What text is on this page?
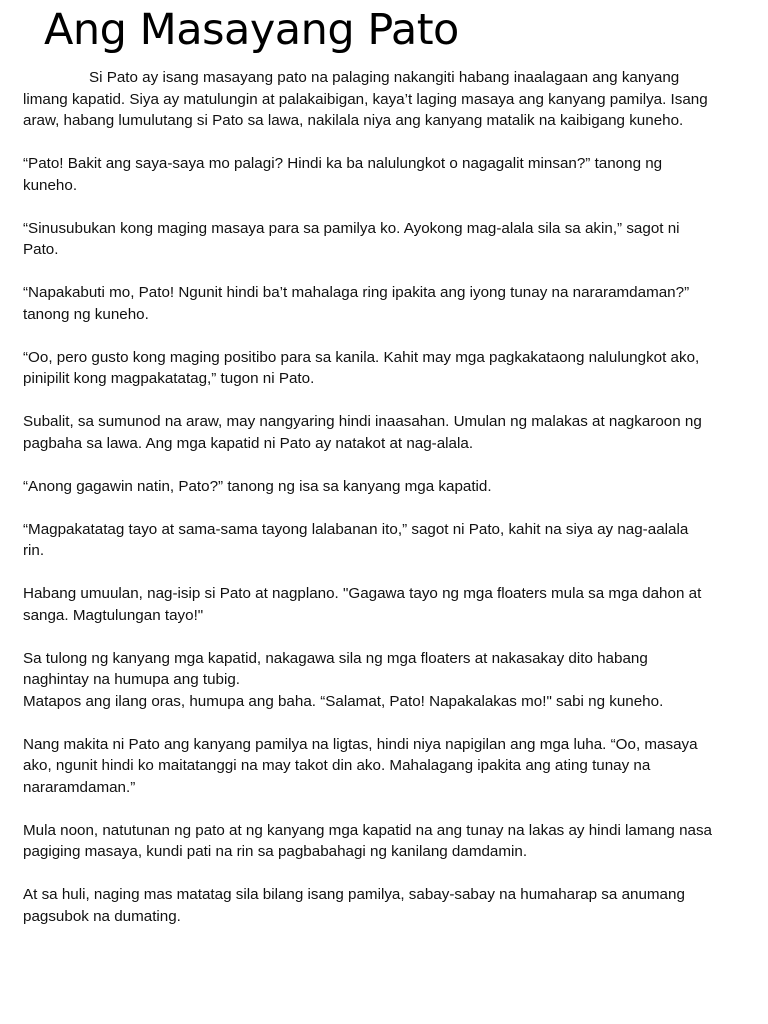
Ang Masayang Pato

Si Pato ay isang masayang pato na palaging nakangiti habang inaalagaan ang kanyang limang kapatid. Siya ay matulungin at palakaibigan, kaya’t laging masaya ang kanyang pamilya. Isang araw, habang lumulutang si Pato sa lawa, nakilala niya ang kanyang matalik na kaibigang kuneho.

“Pato! Bakit ang saya-saya mo palagi? Hindi ka ba nalulungkot o nagagalit minsan?” tanong ng kuneho.

“Sinusubukan kong maging masaya para sa pamilya ko. Ayokong mag-alala sila sa akin,” sagot ni Pato.

“Napakabuti mo, Pato! Ngunit hindi ba’t mahalaga ring ipakita ang iyong tunay na nararamdaman?” tanong ng kuneho.

“Oo, pero gusto kong maging positibo para sa kanila. Kahit may mga pagkakataong nalulungkot ako, pinipilit kong magpakatatag,” tugon ni Pato.

Subalit, sa sumunod na araw, may nangyaring hindi inaasahan. Umulan ng malakas at nagkaroon ng pagbaha sa lawa. Ang mga kapatid ni Pato ay natakot at nag-alala.

“Anong gagawin natin, Pato?” tanong ng isa sa kanyang mga kapatid.

“Magpakatatag tayo at sama-sama tayong lalabanan ito,” sagot ni Pato, kahit na siya ay nag-aalala rin.

Habang umuulan, nag-isip si Pato at nagplano. "Gagawa tayo ng mga floaters mula sa mga dahon at sanga. Magtulungan tayo!"

Sa tulong ng kanyang mga kapatid, nakagawa sila ng mga floaters at nakasakay dito habang naghintay na humupa ang tubig.

Matapos ang ilang oras, humupa ang baha. “Salamat, Pato! Napakalakas mo!" sabi ng kuneho.

Nang makita ni Pato ang kanyang pamilya na ligtas, hindi niya napigilan ang mga luha. “Oo, masaya ako, ngunit hindi ko maitatanggi na may takot din ako. Mahalagang ipakita ang ating tunay na nararamdaman.”

Mula noon, natutunan ng pato at ng kanyang mga kapatid na ang tunay na lakas ay hindi lamang nasa pagiging masaya, kundi pati na rin sa pagbabahagi ng kanilang damdamin.

At sa huli, naging mas matatag sila bilang isang pamilya, sabay-sabay na humaharap sa anumang pagsubok na dumating.
